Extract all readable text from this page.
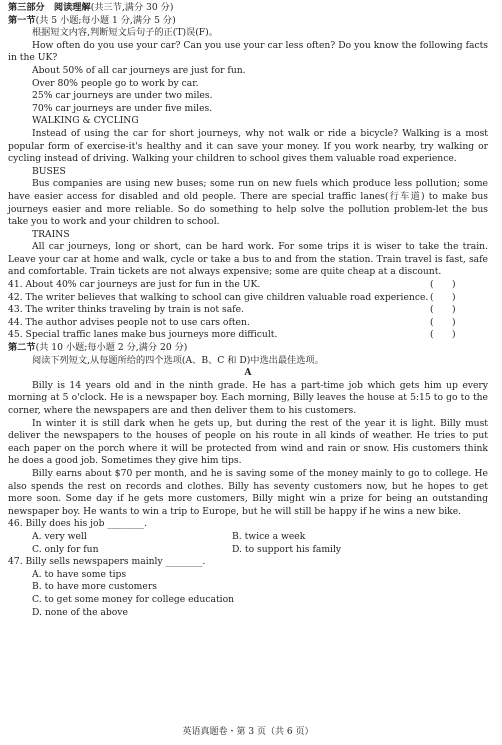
第三部分　阅读理解(共三节,满分 30 分)
第一节(共 5 小题;每小题 1 分,满分 5 分)
根据短文内容,判断短文后句子的正(T)误(F)。
How often do you use your car? Can you use your car less often? Do you know the following facts in the UK?
About 50% of all car journeys are just for fun.
Over 80% people go to work by car.
25% car journeys are under two miles.
70% car journeys are under five miles.
WALKING & CYCLING
Instead of using the car for short journeys, why not walk or ride a bicycle? Walking is a most popular form of exercise-it's healthy and it can save your money. If you work nearby, try walking or cycling instead of driving. Walking your children to school gives them valuable road experience.
BUSES
Bus companies are using new buses; some run on new fuels which produce less pollution; some have easier access for disabled and old people. There are special traffic lanes(行车道) to make bus journeys easier and more reliable. So do something to help solve the pollution problem-let the bus take you to work and your children to school.
TRAINS
All car journeys, long or short, can be hard work. For some trips it is wiser to take the train. Leave your car at home and walk, cycle or take a bus to and from the station. Train travel is fast, safe and comfortable. Train tickets are not always expensive; some are quite cheap at a discount.
41. About 40% car journeys are just for fun in the UK.	(　　)
42. The writer believes that walking to school can give children valuable road experience. (　　)
43. The writer thinks traveling by train is not safe.	(　　)
44. The author advises people not to use cars often.	(　　)
45. Special traffic lanes make bus journeys more difficult.	(　　)
第二节(共 10 小题;每小题 2 分,满分 20 分)
阅读下列短文,从每题所给的四个选项(A、B、C 和 D)中选出最佳选项。
A
Billy is 14 years old and in the ninth grade. He has a part-time job which gets him up every morning at 5 o'clock. He is a newspaper boy. Each morning, Billy leaves the house at 5:15 to go to the corner, where the newspapers are and then deliver them to his customers.
In winter it is still dark when he gets up, but during the rest of the year it is light. Billy must deliver the newspapers to the houses of people on his route in all kinds of weather. He tries to put each paper on the porch where it will be protected from wind and rain or snow. His customers think he does a good job. Sometimes they give him tips.
Billy earns about $70 per month, and he is saving some of the money mainly to go to college. He also spends the rest on records and clothes. Billy has seventy customers now, but he hopes to get more soon. Some day if he gets more customers, Billy might win a prize for being an outstanding newspaper boy. He wants to win a trip to Europe, but he will still be happy if he wins a new bike.
46. Billy does his job ________.
A. very well	B. twice a week
C. only for fun	D. to support his family
47. Billy sells newspapers mainly ________.
A. to have some tips
B. to have more customers
C. to get some money for college education
D. none of the above
英语真题卷・第 3 页（共 6 页）
